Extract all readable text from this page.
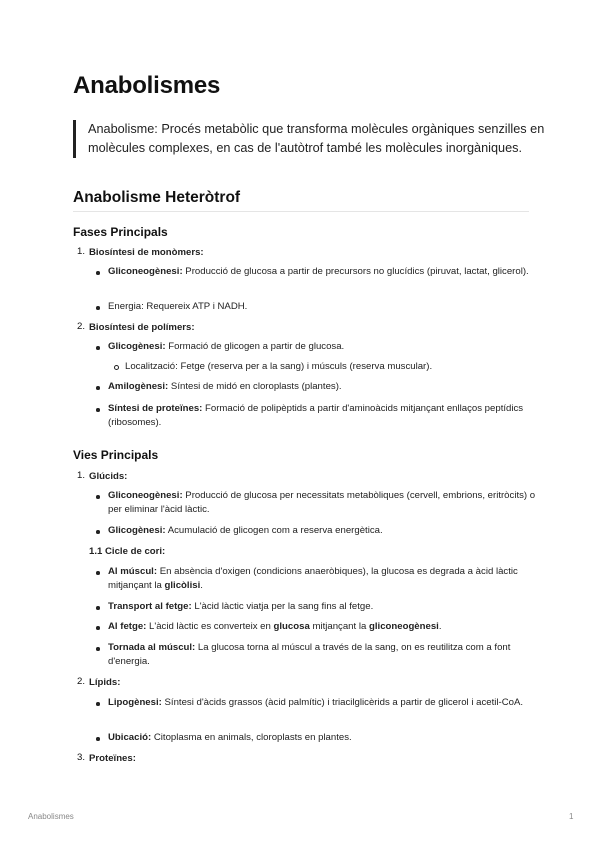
Anabolismes
Anabolisme: Procés metabòlic que transforma molècules orgàniques senzilles en molècules complexes, en cas de l'autòtrof també les molècules inorgàniques.
Anabolisme Heteròtrof
Fases Principals
1. Biosíntesi de monòmers:
Gliconeogènesi: Producció de glucosa a partir de precursors no glucídics (piruvat, lactat, glicerol).
Energia: Requereix ATP i NADH.
2. Biosíntesi de polímers:
Glicogènesi: Formació de glicogen a partir de glucosa.
Localització: Fetge (reserva per a la sang) i músculs (reserva muscular).
Amilogènesi: Síntesi de midó en cloroplasts (plantes).
Síntesi de proteïnes: Formació de polipèptids a partir d'aminoàcids mitjançant enllaços peptídics (ribosomes).
Vies Principals
1. Glúcids:
Gliconeogènesi: Producció de glucosa per necessitats metabòliques (cervell, embrions, eritròcits) o per eliminar l'àcid làctic.
Glicogènesi: Acumulació de glicogen com a reserva energètica.
1.1 Cicle de cori:
Al múscul: En absència d'oxigen (condicions anaeròbiques), la glucosa es degrada a àcid làctic mitjançant la glicòlisi.
Transport al fetge: L'àcid làctic viatja per la sang fins al fetge.
Al fetge: L'àcid làctic es converteix en glucosa mitjançant la gliconeogènesi.
Tornada al múscul: La glucosa torna al múscul a través de la sang, on es reutilitza com a font d'energia.
2. Lípids:
Lipogènesi: Síntesi d'àcids grassos (àcid palmític) i triacilglicèrids a partir de glicerol i acetil-CoA.
Ubicació: Citoplasma en animals, cloroplasts en plantes.
3. Proteïnes:
Anabolismes	1
